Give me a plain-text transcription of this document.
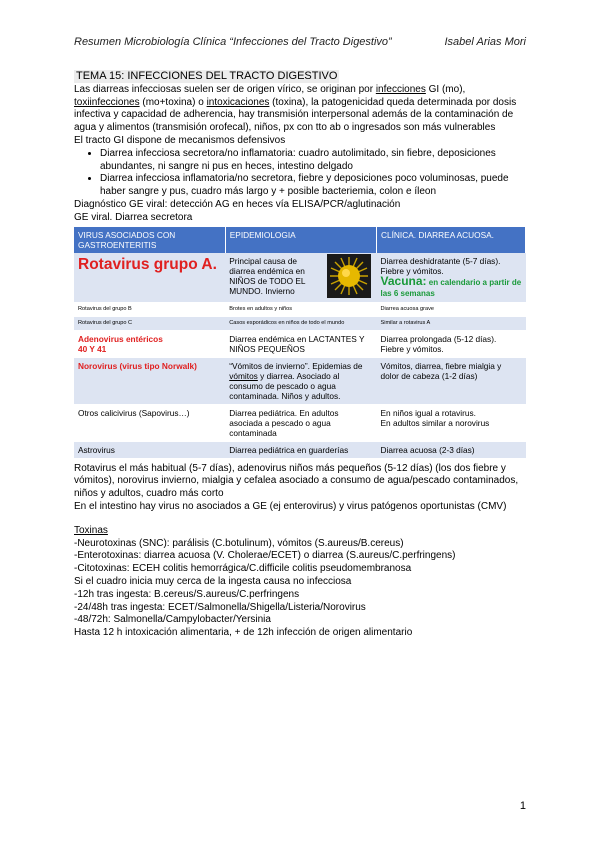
Resumen Microbiología Clínica “Infecciones del Tracto Digestivo”	Isabel Arias Mori
TEMA 15: INFECCIONES DEL TRACTO DIGESTIVO

Las diarreas infecciosas suelen ser de origen vírico, se originan por infecciones GI (mo), toxiinfecciones (mo+toxina) o intoxicaciones (toxina), la patogenicidad queda determinada por dosis infectiva y capacidad de adherencia, hay transmisión interpersonal además de la contaminación de agua y alimentos (transmisión orofecal), niños, px con tto ab o ingresados son más vulnerables

El tracto GI dispone de mecanismos defensivos

• Diarrea infecciosa secretora/no inflamatoria: cuadro autolimitado, sin fiebre, deposiciones abundantes, ni sangre ni pus en heces, intestino delgado
• Diarrea infecciosa inflamatoria/no secretora, fiebre y deposiciones poco voluminosas, puede haber sangre y pus, cuadro más largo y + posible bacteriemia, colon e íleon

Diagnóstico GE viral: detección AG en heces vía ELISA/PCR/aglutinación

GE viral. Diarrea secretora

VIRUS ASOCIADOS CON GASTROENTERITIS	EPIDEMIOLOGIA	CLÍNICA. DIARREA ACUOSA.
Rotavirus grupo A.	Principal causa de diarrea endémica en NIÑOS de TODO EL MUNDO. Invierno	Diarrea deshidratante (5-7 días). Fiebre y vómitos.
Vacuna: en calendario a partir de las 6 semanas

Rotavirus del grupo B	Brotes en adultos y niños	Diarrea acuosa grave
Rotavirus del grupo C	Casos esporádicos en niños de todo el mundo	Similar a rotavirus A

Adenovirus entéricos
40 Y 41	Diarrea endémica en LACTANTES Y NIÑOS PEQUEÑOS	Diarrea prolongada (5-12 días). Fiebre y vómitos.
Norovirus (virus tipo Norwalk)	“Vómitos de invierno”. Epidemias de vómitos y diarrea. Asociado al consumo de pescado o agua contaminada. Niños y adultos.	Vómitos, diarrea, fiebre mialgia y dolor de cabeza (1-2 días)
Otros calicivirus (Sapovirus…)	Diarrea pediátrica. En adultos asociada a pescado o agua contaminada	En niños igual a rotavirus.
En adultos similar a norovirus

Astrovirus	Diarrea pediátrica en guarderías	Diarrea acuosa (2-3 días)

Rotavirus el más habitual (5-7 días), adenovirus niños más pequeños (5-12 días) (los dos fiebre y vómitos), norovirus invierno, mialgia y cefalea asociado a consumo de agua/pescado contaminados, niños y adultos, cuadro más corto

En el intestino hay virus no asociados a GE (ej enterovirus) y virus patógenos oportunistas (CMV)

Toxinas

-Neurotoxinas (SNC): parálisis (C.botulinum), vómitos (S.aureus/B.cereus)

-Enterotoxinas: diarrea acuosa (V. Cholerae/ECET) o diarrea (S.aureus/C.perfringens)

-Citotoxinas: ECEH colitis hemorrágica/C.difficile colitis pseudomembranosa

Si el cuadro inicia muy cerca de la ingesta causa no infecciosa

-12h tras ingesta: B.cereus/S.aureus/C.perfringens

-24/48h tras ingesta: ECET/Salmonella/Shigella/Listeria/Norovirus

-48/72h: Salmonella/Campylobacter/Yersinia

Hasta 12 h intoxicación alimentaria, + de 12h infección de origen alimentario

1
